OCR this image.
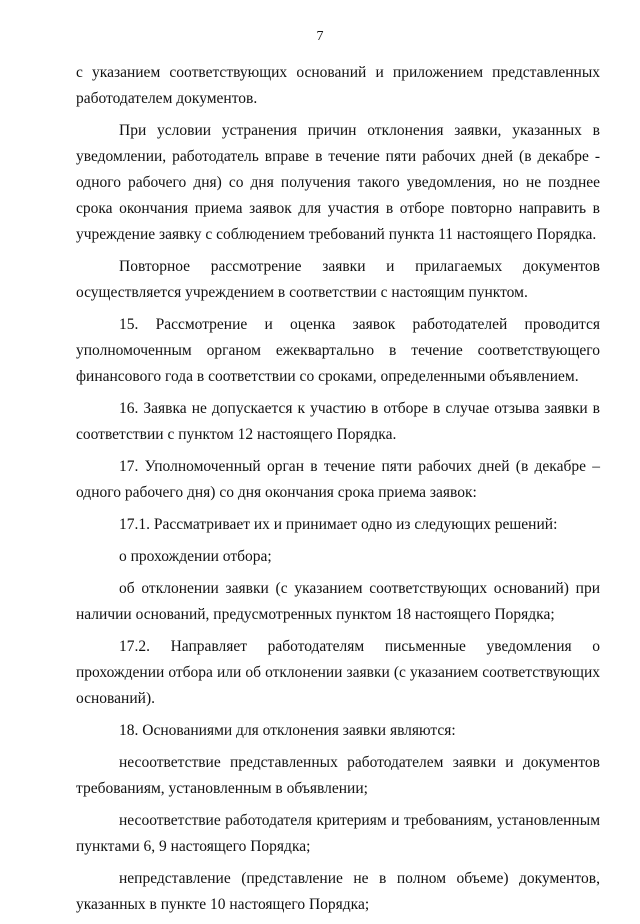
7

с указанием соответствующих оснований и приложением представленных работодателем документов.

При условии устранения причин отклонения заявки, указанных в уведомлении, работодатель вправе в течение пяти рабочих дней (в декабре - одного рабочего дня) со дня получения такого уведомления, но не позднее срока окончания приема заявок для участия в отборе повторно направить в учреждение заявку с соблюдением требований пункта 11 настоящего Порядка.

Повторное рассмотрение заявки и прилагаемых документов осуществляется учреждением в соответствии с настоящим пунктом.

15. Рассмотрение и оценка заявок работодателей проводится уполномоченным органом ежеквартально в течение соответствующего финансового года в соответствии со сроками, определенными объявлением.

16. Заявка не допускается к участию в отборе в случае отзыва заявки в соответствии с пунктом 12 настоящего Порядка.

17. Уполномоченный орган в течение пяти рабочих дней (в декабре – одного рабочего дня) со дня окончания срока приема заявок:

17.1. Рассматривает их и принимает одно из следующих решений:

о прохождении отбора;

об отклонении заявки (с указанием соответствующих оснований) при наличии оснований, предусмотренных пунктом 18 настоящего Порядка;

17.2. Направляет работодателям письменные уведомления о прохождении отбора или об отклонении заявки (с указанием соответствующих оснований).

18. Основаниями для отклонения заявки являются:

несоответствие представленных работодателем заявки и документов требованиям, установленным в объявлении;

несоответствие работодателя критериям и требованиям, установленным пунктами 6, 9 настоящего Порядка;

непредставление (представление не в полном объеме) документов, указанных в пункте 10 настоящего Порядка;
